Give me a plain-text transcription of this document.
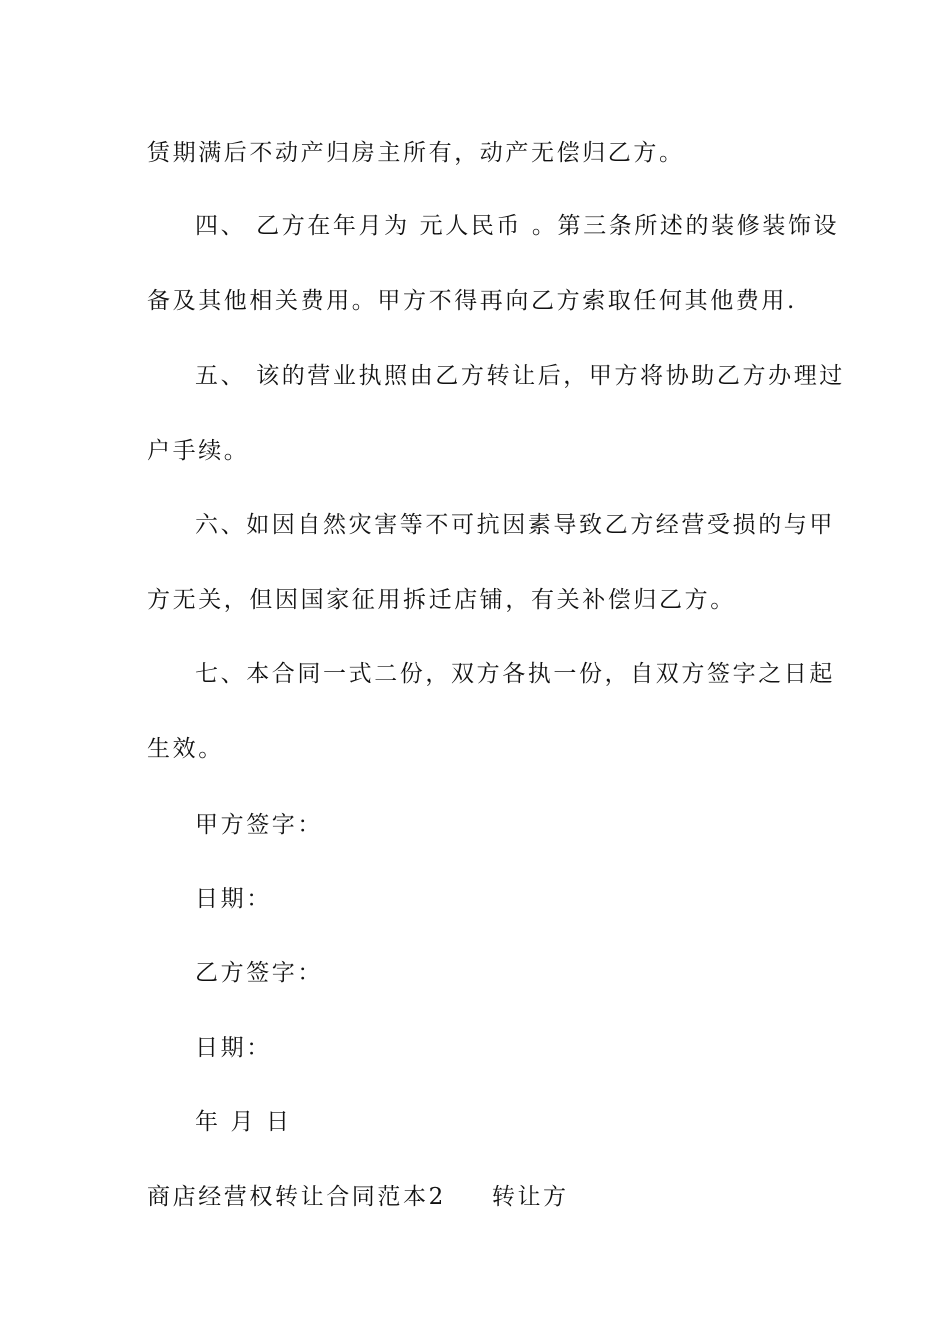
赁期满后不动产归房主所有，动产无偿归乙方。
四、 乙方在年月为 元人民币 。第三条所述的装修装饰设
备及其他相关费用。甲方不得再向乙方索取任何其他费用.
五、 该的营业执照由乙方转让后，甲方将协助乙方办理过
户手续。
六、如因自然灾害等不可抗因素导致乙方经营受损的与甲
方无关，但因国家征用拆迁店铺，有关补偿归乙方。
七、本合同一式二份，双方各执一份，自双方签字之日起
生效。
甲方签字：
日期：
乙方签字：
日期：
年 月 日
商店经营权转让合同范本2 转让方
